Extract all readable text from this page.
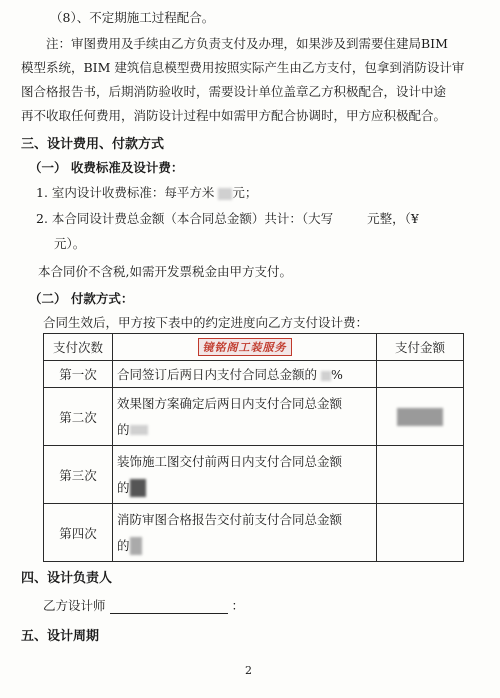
（8）、不定期施工过程配合。
注：审图费用及手续由乙方负责支付及办理，如果涉及到需要住建局BIM
模型系统，BIM 建筑信息模型费用按照实际产生由乙方支付，包拿到消防设计审
图合格报告书，后期消防验收时，需要设计单位盖章乙方积极配合，设计中途
再不收取任何费用，消防设计过程中如需甲方配合协调时，甲方应积极配合。
三、设计费用、付款方式
（一） 收费标准及设计费：
1. 室内设计收费标准：每平方米 元；
2. 本合同设计费总金额（本合同总金额）共计：（大写	元整，（¥
元）。
本合同价不含税,如需开发票税金由甲方支付。
（二） 付款方式：
合同生效后，甲方按下表中的约定进度向乙方支付设计费：
支付次数	镜铭阁工装服务	支付金额
第一次	合同签订后两日内支付合同总金额的 %	
第二次	效果图方案确定后两日内支付合同总金额
的	

第三次	装饰施工图交付前两日内支付合同总金额
的	

第四次	消防审图合格报告交付前支付合同总金额
的	

四、设计负责人
乙方设计师	：
五、设计周期
2
